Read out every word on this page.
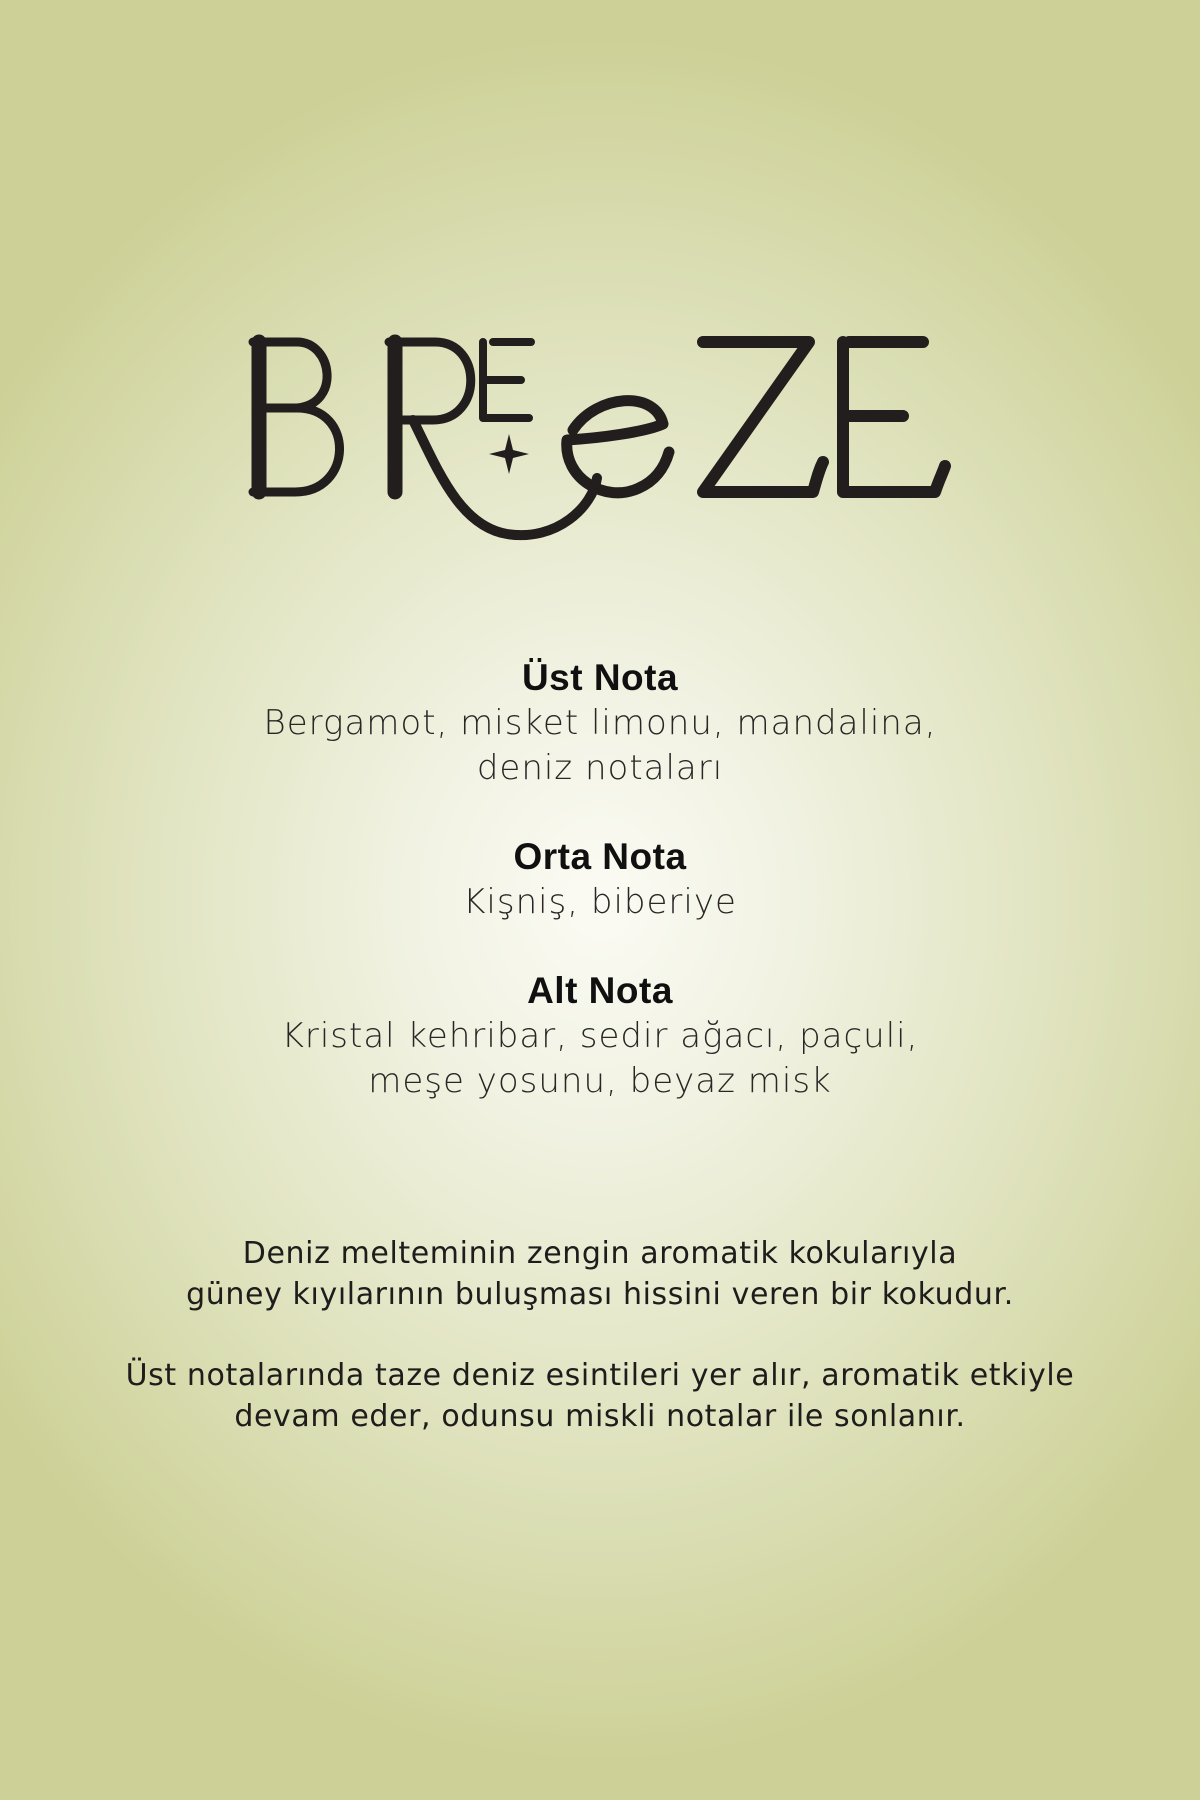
Üst Nota
Bergamot, misket limonu, mandalina,
deniz notaları
Orta Nota
Kişniş, biberiye
Alt Nota
Kristal kehribar, sedir ağacı, paçuli,
meşe yosunu, beyaz misk
Deniz melteminin zengin aromatik kokularıyla
güney kıyılarının buluşması hissini veren bir kokudur.
Üst notalarında taze deniz esintileri yer alır, aromatik etkiyle
devam eder, odunsu miskli notalar ile sonlanır.
